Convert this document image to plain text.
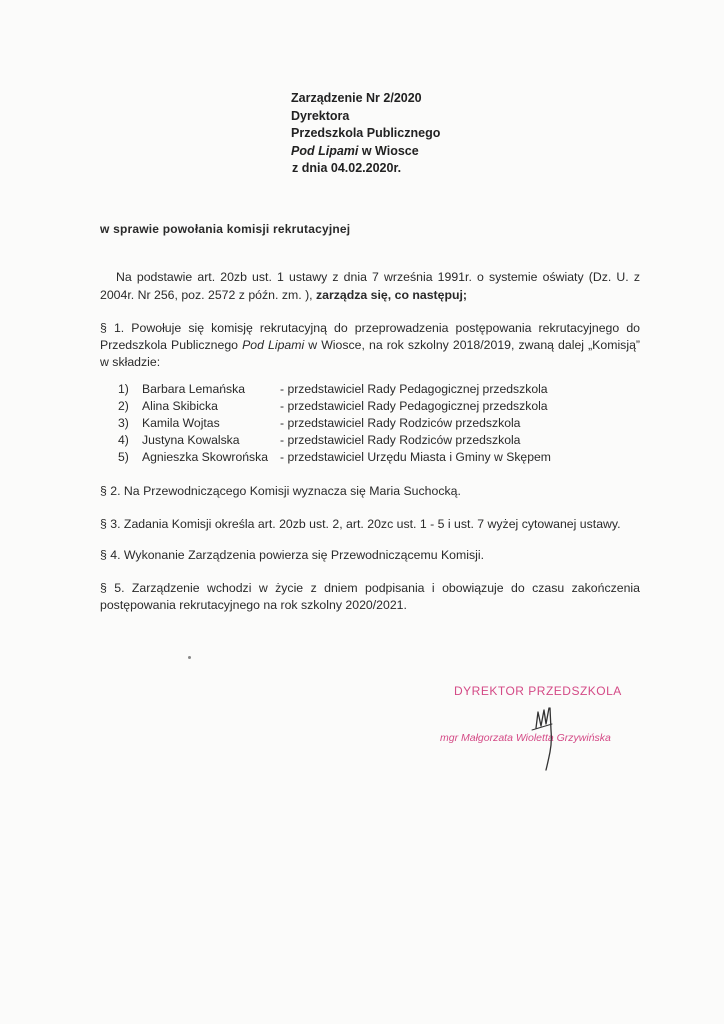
Zarządzenie Nr 2/2020
Dyrektora
Przedszkola Publicznego
Pod Lipami w Wiosce
z dnia 04.02.2020r.
w sprawie powołania komisji rekrutacyjnej
Na podstawie art. 20zb ust. 1 ustawy z dnia 7 września 1991r. o systemie oświaty (Dz. U. z 2004r. Nr 256, poz. 2572 z późn. zm. ), zarządza się, co następuj;
§ 1. Powołuje się komisję rekrutacyjną do przeprowadzenia postępowania rekrutacyjnego do Przedszkola Publicznego Pod Lipami w Wiosce, na rok szkolny 2018/2019, zwaną dalej „Komisją” w składzie:
1)	Barbara Lemańska	- przedstawiciel Rady Pedagogicznej przedszkola
2)	Alina Skibicka	- przedstawiciel Rady Pedagogicznej przedszkola
3)	Kamila Wojtas	- przedstawiciel Rady Rodziców przedszkola
4)	Justyna Kowalska	- przedstawiciel Rady Rodziców przedszkola
5)	Agnieszka Skowrońska - przedstawiciel Urzędu Miasta i Gminy w Skępem
§ 2. Na Przewodniczącego Komisji wyznacza się Maria Suchocką.
§ 3. Zadania Komisji określa art. 20zb ust. 2, art. 20zc ust. 1 - 5 i ust. 7 wyżej cytowanej ustawy.
§ 4. Wykonanie Zarządzenia powierza się Przewodniczącemu Komisji.
§ 5. Zarządzenie wchodzi w życie z dniem podpisania i obowiązuje do czasu zakończenia postępowania rekrutacyjnego na rok szkolny 2020/2021.
DYREKTOR PRZEDSZKOLA
mgr Małgorzata Wioletta Grzywińska
